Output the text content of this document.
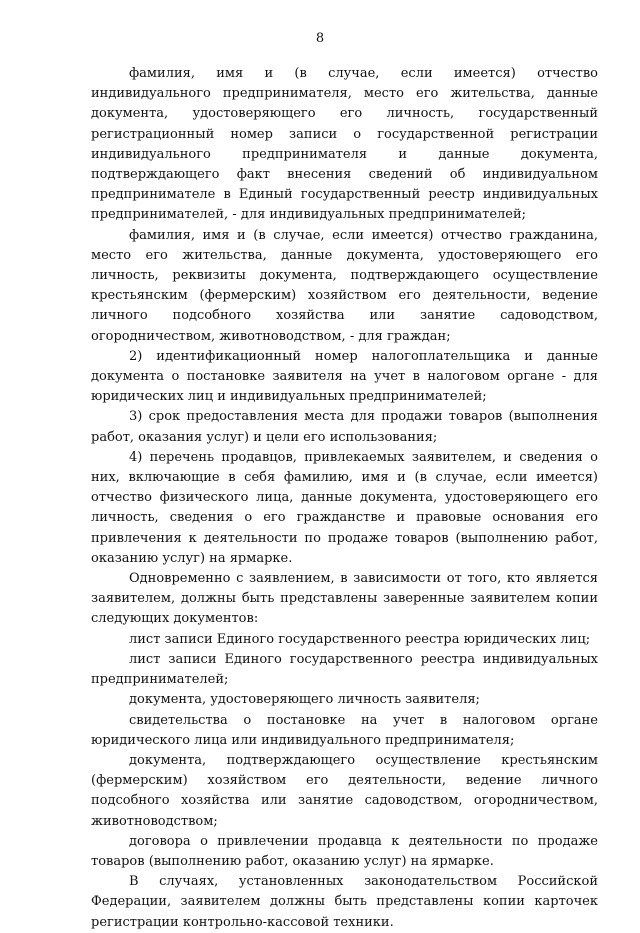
8

фамилия, имя и (в случае, если имеется) отчество индивидуального предпринимателя, место его жительства, данные документа, удостоверяющего его личность, государственный регистрационный номер записи о государственной регистрации индивидуального предпринимателя и данные документа, подтверждающего факт внесения сведений об индивидуальном предпринимателе в Единый государственный реестр индивидуальных предпринимателей, - для индивидуальных предпринимателей;

фамилия, имя и (в случае, если имеется) отчество гражданина, место его жительства, данные документа, удостоверяющего его личность, реквизиты документа, подтверждающего осуществление крестьянским (фермерским) хозяйством его деятельности, ведение личного подсобного хозяйства или занятие садоводством, огородничеством, животноводством, - для граждан;

2) идентификационный номер налогоплательщика и данные документа о постановке заявителя на учет в налоговом органе - для юридических лиц и индивидуальных предпринимателей;

3) срок предоставления места для продажи товаров (выполнения работ, оказания услуг) и цели его использования;

4) перечень продавцов, привлекаемых заявителем, и сведения о них, включающие в себя фамилию, имя и (в случае, если имеется) отчество физического лица, данные документа, удостоверяющего его личность, сведения о его гражданстве и правовые основания его привлечения к деятельности по продаже товаров (выполнению работ, оказанию услуг) на ярмарке.

Одновременно с заявлением, в зависимости от того, кто является заявителем, должны быть представлены заверенные заявителем копии следующих документов:

лист записи Единого государственного реестра юридических лиц;

лист записи Единого государственного реестра индивидуальных предпринимателей;

документа, удостоверяющего личность заявителя;

свидетельства о постановке на учет в налоговом органе юридического лица или индивидуального предпринимателя;

документа, подтверждающего осуществление крестьянским (фермерским) хозяйством его деятельности, ведение личного подсобного хозяйства или занятие садоводством, огородничеством, животноводством;

договора о привлечении продавца к деятельности по продаже товаров (выполнению работ, оказанию услуг) на ярмарке.

В случаях, установленных законодательством Российской Федерации, заявителем должны быть представлены копии карточек регистрации контрольно-кассовой техники.
